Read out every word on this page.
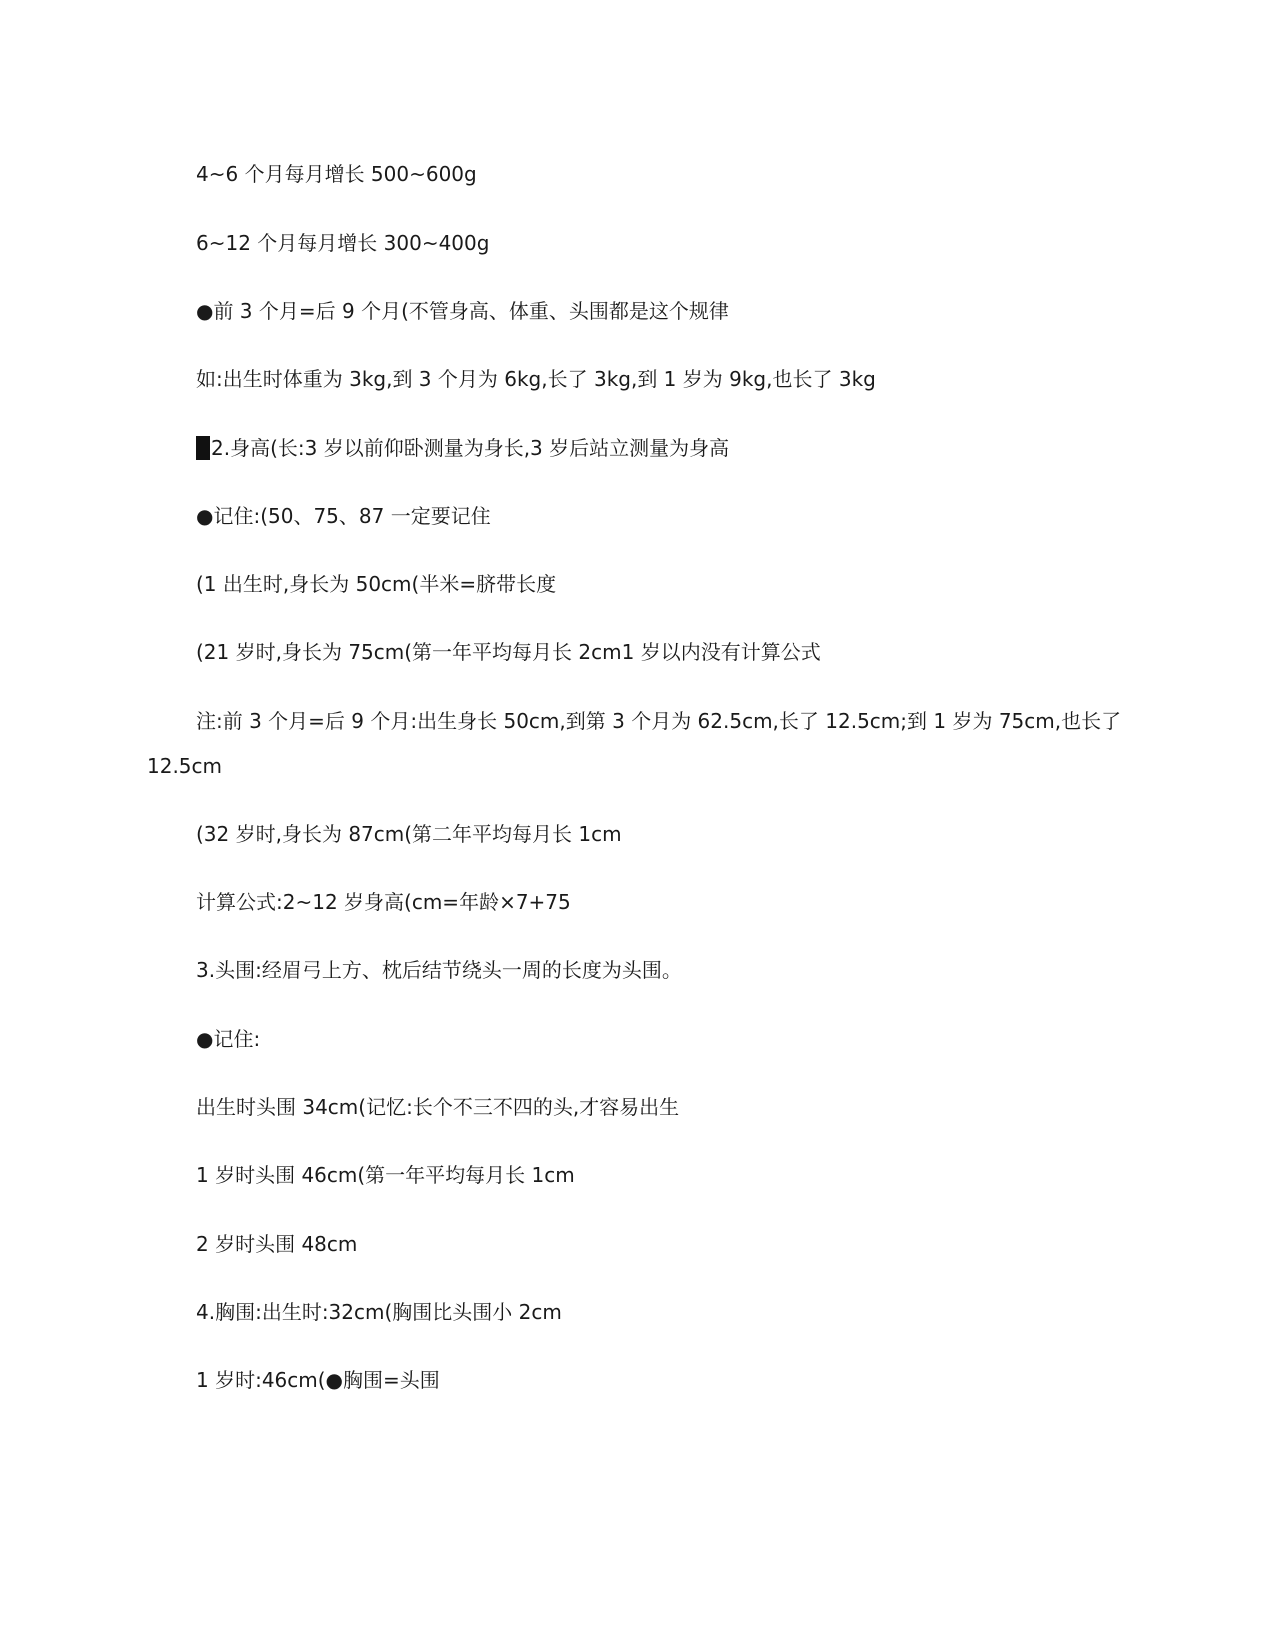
4~6 个月每月增长 500~600g
6~12 个月每月增长 300~400g
●前 3 个月=后 9 个月(不管身高、体重、头围都是这个规律
如:出生时体重为 3kg,到 3 个月为 6kg,长了 3kg,到 1 岁为 9kg,也长了 3kg
2.身高(长:3 岁以前仰卧测量为身长,3 岁后站立测量为身高
●记住:(50、75、87 一定要记住
(1 出生时,身长为 50cm(半米=脐带长度
(21 岁时,身长为 75cm(第一年平均每月长 2cm1 岁以内没有计算公式
注:前 3 个月=后 9 个月:出生身长 50cm,到第 3 个月为 62.5cm,长了 12.5cm;到 1 岁为 75cm,也长了
12.5cm
(32 岁时,身长为 87cm(第二年平均每月长 1cm
计算公式:2~12 岁身高(cm=年龄×7+75
3.头围:经眉弓上方、枕后结节绕头一周的长度为头围。
●记住:
出生时头围 34cm(记忆:长个不三不四的头,才容易出生
1 岁时头围 46cm(第一年平均每月长 1cm
2 岁时头围 48cm
4.胸围:出生时:32cm(胸围比头围小 2cm
1 岁时:46cm(●胸围=头围
